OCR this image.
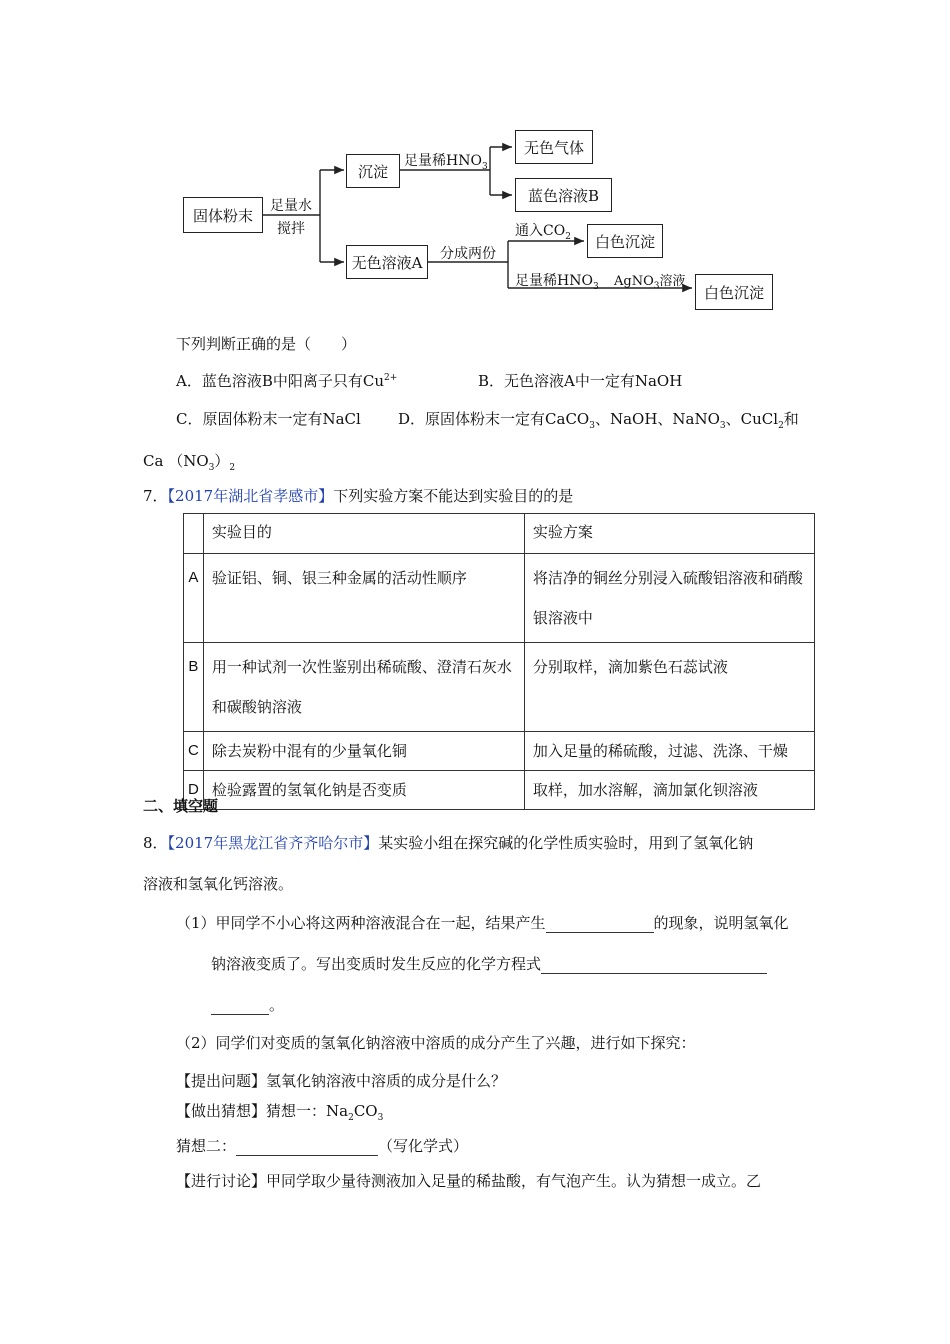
固体粉末
足量水
搅拌
沉淀
足量稀$HNO_3$
无色气体
蓝色溶液B
无色溶液A 分成两份
通入$CO_2$ 白色沉淀
足量稀$HNO_3$ AgNO$_3$溶液
白色沉淀
下列判断正确的是（　　）
A．蓝色溶液B中阳离子只有$Cu^{2+}$	B．无色溶液A中一定有NaOH
C．原固体粉末一定有NaCl D．原固体粉末一定有CaCO$_3$、NaOH、NaNO$_3$、CuCl$_2$和
Ca $(NO_3)_2$
7．【2017年湖北省孝感市】下列实验方案不能达到实验目的的是
	实验目的	实验方案
A	验证铝、铜、银三种金属的活动性顺序	将洁净的铜丝分别浸入硫酸铝溶液和硝酸银溶液中
B	用一种试剂一次性鉴别出稀硫酸、澄清石灰水和碳酸钠溶液	分别取样，滴加紫色石蕊试液
C	除去炭粉中混有的少量氧化铜	加入足量的稀硫酸，过滤、洗涤、干燥
D	检验露置的氢氧化钠是否变质	取样，加水溶解，滴加氯化钡溶液
二、填空题
8．【2017年黑龙江省齐齐哈尔市】某实验小组在探究碱的化学性质实验时，用到了氢氧化钠
溶液和氢氧化钙溶液。
（1）甲同学不小心将这两种溶液混合在一起，结果产生	的现象，说明氢氧化
钠溶液变质了。写出变质时发生反应的化学方程式
。
（2）同学们对变质的氢氧化钠溶液中溶质的成分产生了兴趣，进行如下探究：
【提出问题】氢氧化钠溶液中溶质的成分是什么？
【做出猜想】猜想一：$Na_2CO_3$
猜想二：	（写化学式）
【进行讨论】甲同学取少量待测液加入足量的稀盐酸，有气泡产生。认为猜想一成立。乙
